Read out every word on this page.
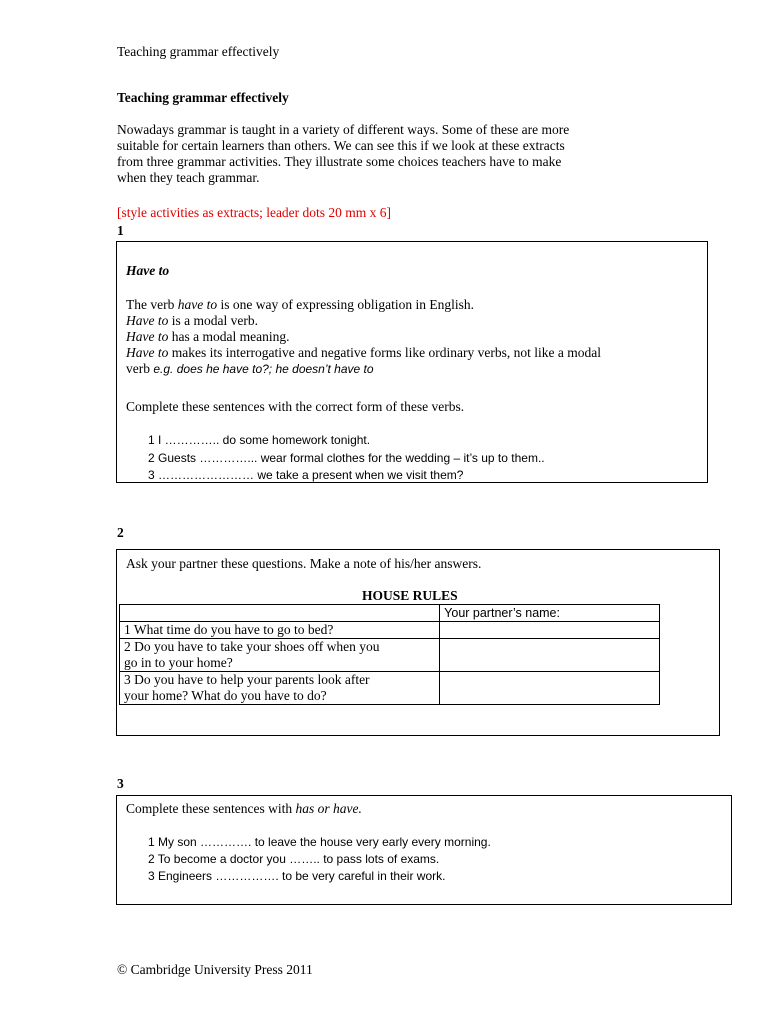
Teaching grammar effectively
Teaching grammar effectively
Nowadays grammar is taught in a variety of different ways. Some of these are more
suitable for certain learners than others. We can see this if we look at these extracts
from three grammar activities. They illustrate some choices teachers have to make
when they teach grammar.
[style activities as extracts; leader dots 20 mm x 6]
1
Have to
The verb have to is one way of expressing obligation in English.
Have to is a modal verb.
Have to has a modal meaning.
Have to makes its interrogative and negative forms like ordinary verbs, not like a modal
verb e.g. does he have to?; he doesn’t have to
Complete these sentences with the correct form of these verbs.
1 I ………….. do some homework tonight.
2 Guests …………... wear formal clothes for the wedding – it’s up to them..
3 …………………… we take a present when we visit them?
2
Ask your partner these questions. Make a note of his/her answers.
HOUSE RULES
	Your partner’s name:

1 What time do you have to go to bed?	

2 Do you have to take your shoes off when you
go in to your home?	

3 Do you have to help your parents look after
your home? What do you have to do?	

3
Complete these sentences with has or have.
1 My son …………. to leave the house very early every morning.
2 To become a doctor you …….. to pass lots of exams.
3 Engineers ……………. to be very careful in their work.
© Cambridge University Press 2011
